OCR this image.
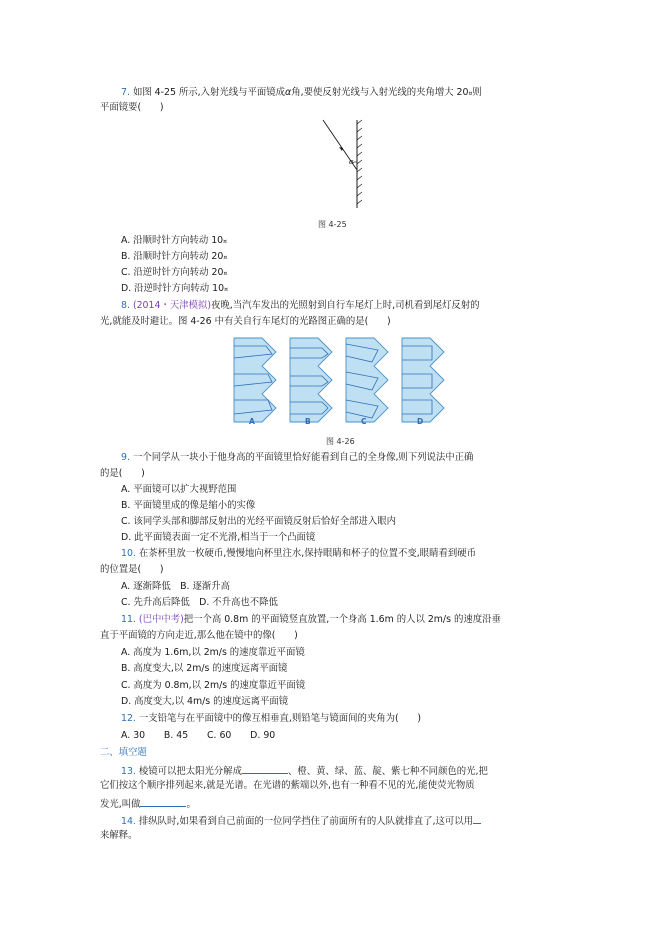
7. 如图 4-25 所示,入射光线与平面镜成α角,要使反射光线与入射光线的夹角增大 20¤则
平面镜要(　　)
α
图 4-25
A. 沿顺时针方向转动 10¤
B. 沿顺时针方向转动 20¤
C. 沿逆时针方向转动 20¤
D. 沿逆时针方向转动 10¤
8. (2014・天津模拟)夜晚,当汽车发出的光照射到自行车尾灯上时,司机看到尾灯反射的
光,就能及时避让。图 4-26 中有关自行车尾灯的光路图正确的是(　　)
A	B	C	D
图 4-26
9. 一个同学从一块小于他身高的平面镜里恰好能看到自己的全身像,则下列说法中正确
的是(　　)
A. 平面镜可以扩大视野范围
B. 平面镜里成的像是缩小的实像
C. 该同学头部和脚部反射出的光经平面镜反射后恰好全部进入眼内
D. 此平面镜表面一定不光滑,相当于一个凸面镜
10. 在茶杯里放一枚硬币,慢慢地向杯里注水,保持眼睛和杯子的位置不变,眼睛看到硬币
的位置是(　　)
A. 逐渐降低　B. 逐渐升高
C. 先升高后降低　D. 不升高也不降低
11. (巴中中考)把一个高 0.8m 的平面镜竖直放置,一个身高 1.6m 的人以 2m/s 的速度沿垂
直于平面镜的方向走近,那么他在镜中的像(　　)
A. 高度为 1.6m,以 2m/s 的速度靠近平面镜
B. 高度变大,以 2m/s 的速度远离平面镜
C. 高度为 0.8m,以 2m/s 的速度靠近平面镜
D. 高度变大,以 4m/s 的速度远离平面镜
12. 一支铅笔与在平面镜中的像互相垂直,则铅笔与镜面间的夹角为(　　)
A. 30　　B. 45　　C. 60　　D. 90
二、填空题
13. 棱镜可以把太阳光分解成	、橙、黄、绿、蓝、靛、紫七种不同颜色的光,把
它们按这个顺序排列起来,就是光谱。在光谱的紫端以外,也有一种看不见的光,能使荧光物质
发光,叫做	。
14. 排纵队时,如果看到自己前面的一位同学挡住了前面所有的人队就排直了,这可以用
来解释。
